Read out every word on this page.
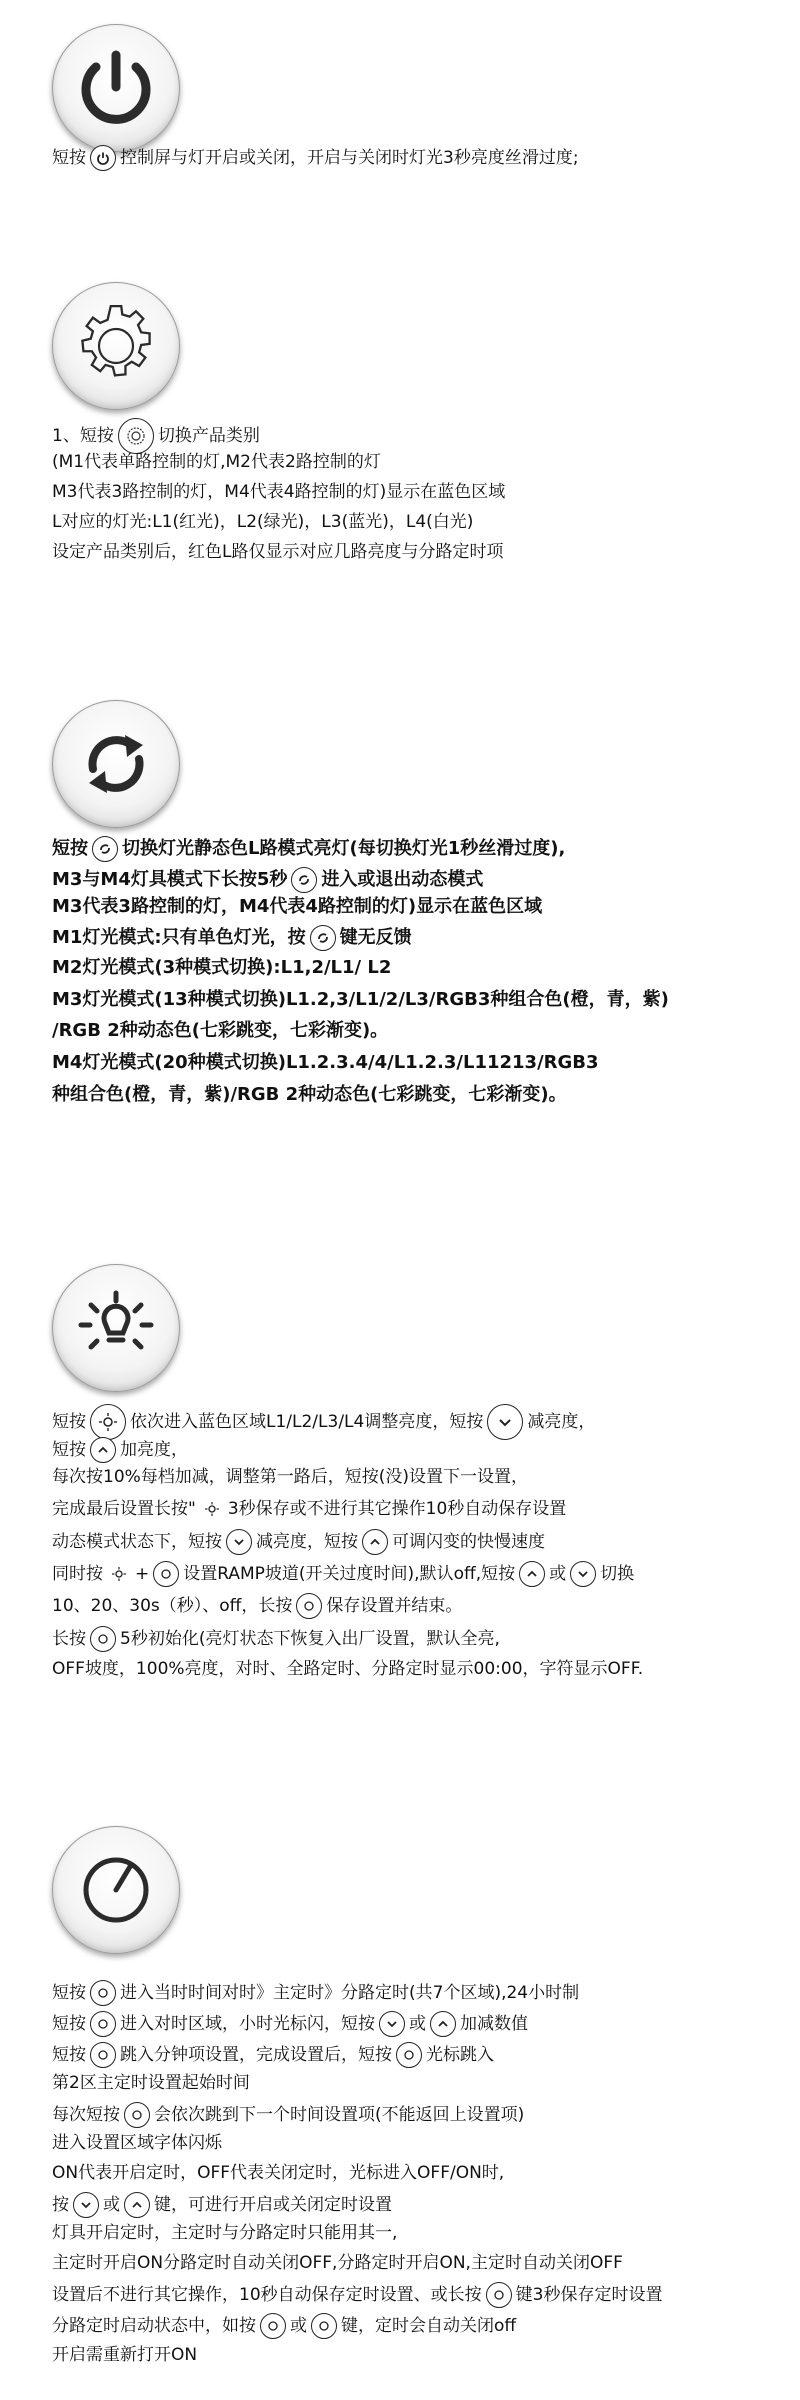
短按 控制屏与灯开启或关闭，开启与关闭时灯光3秒亮度丝滑过度;
1、短按	切换产品类别
(M1代表单路控制的灯,M2代表2路控制的灯
M3代表3路控制的灯，M4代表4路控制的灯)显示在蓝色区域
L对应的灯光:L1(红光)，L2(绿光)，L3(蓝光)，L4(白光)
设定产品类别后，红色L路仅显示对应几路亮度与分路定时项
短按 切换灯光静态色L路模式亮灯(每切换灯光1秒丝滑过度),
M3与M4灯具模式下长按5秒 进入或退出动态模式
M3代表3路控制的灯，M4代表4路控制的灯)显示在蓝色区域
M1灯光模式:只有单色灯光，按 键无反馈
M2灯光模式(3种模式切换):L1,2/L1/ L2
M3灯光模式(13种模式切换)L1.2,3/L1/2/L3/RGB3种组合色(橙，青，紫)
/RGB 2种动态色(七彩跳变，七彩渐变)。
M4灯光模式(20种模式切换)L1.2.3.4/4/L1.2.3/L11213/RGB3
种组合色(橙，青，紫)/RGB 2种动态色(七彩跳变，七彩渐变)。
短按	依次进入蓝色区域L1/L2/L3/L4调整亮度，短按	减亮度，
短按 加亮度，
每次按10%每档加减，调整第一路后，短按(没)设置下一设置，
完成最后设置长按" 3秒保存或不进行其它操作10秒自动保存设置
动态模式状态下，短按 减亮度，短按 可调闪变的快慢速度
同时按 + 设置RAMP坡道(开关过度时间),默认off,短按 或 切换
10、20、30s（秒）、off，长按 保存设置并结束。
长按 5秒初始化(亮灯状态下恢复入出厂设置，默认全亮,
OFF坡度，100%亮度，对时、全路定时、分路定时显示00:00，字符显示OFF.
短按 进入当时时间对时》主定时》分路定时(共7个区域),24小时制
短按 进入对时区域，小时光标闪，短按 或 加减数值
短按 跳入分钟项设置，完成设置后，短按 光标跳入
第2区主定时设置起始时间
每次短按 会依次跳到下一个时间设置项(不能返回上设置项)
进入设置区域字体闪烁
ON代表开启定时，OFF代表关闭定时，光标进入OFF/ON时,
按 或 键，可进行开启或关闭定时设置
灯具开启定时，主定时与分路定时只能用其一,
主定时开启ON分路定时自动关闭OFF,分路定时开启ON,主定时自动关闭OFF
设置后不进行其它操作，10秒自动保存定时设置、或长按 键3秒保存定时设置
分路定时启动状态中，如按 或 键，定时会自动关闭off
开启需重新打开ON
